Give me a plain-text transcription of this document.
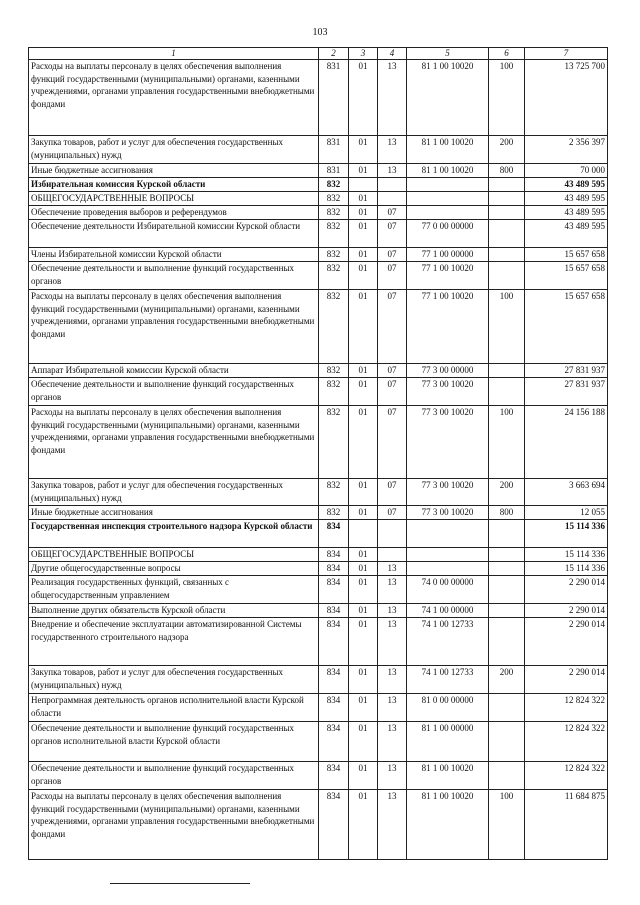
103
1	2	3	4	5	6	7
Расходы на выплаты персоналу в целях обеспечения выполнения функций государственными (муниципальными) органами, казенными учреждениями, органами управления государственными внебюджетными фондами	831	01	13	81 1 00 10020	100	13 725 700
Закупка товаров, работ и услуг для обеспечения государственных (муниципальных) нужд	831	01	13	81 1 00 10020	200	2 356 397
Иные бюджетные ассигнования	831	01	13	81 1 00 10020	800	70 000
Избирательная комиссия Курской области	832					43 489 595
ОБЩЕГОСУДАРСТВЕННЫЕ ВОПРОСЫ	832	01				43 489 595
Обеспечение проведения выборов и референдумов	832	01	07			43 489 595
Обеспечение деятельности Избирательной комиссии Курской области	832	01	07	77 0 00 00000		43 489 595
Члены Избирательной комиссии Курской области	832	01	07	77 1 00 00000		15 657 658
Обеспечение деятельности и выполнение функций государственных органов	832	01	07	77 1 00 10020		15 657 658
Расходы на выплаты персоналу в целях обеспечения выполнения функций государственными (муниципальными) органами, казенными учреждениями, органами управления государственными внебюджетными фондами	832	01	07	77 1 00 10020	100	15 657 658
Аппарат Избирательной комиссии Курской области	832	01	07	77 3 00 00000		27 831 937
Обеспечение деятельности и выполнение функций государственных органов	832	01	07	77 3 00 10020		27 831 937
Расходы на выплаты персоналу в целях обеспечения выполнения функций государственными (муниципальными) органами, казенными учреждениями, органами управления государственными внебюджетными фондами	832	01	07	77 3 00 10020	100	24 156 188
Закупка товаров, работ и услуг для обеспечения государственных (муниципальных) нужд	832	01	07	77 3 00 10020	200	3 663 694
Иные бюджетные ассигнования	832	01	07	77 3 00 10020	800	12 055
Государственная инспекция строительного надзора Курской области	834					15 114 336
ОБЩЕГОСУДАРСТВЕННЫЕ ВОПРОСЫ	834	01				15 114 336
Другие общегосударственные вопросы	834	01	13			15 114 336
Реализация государственных функций, связанных с общегосударственным управлением	834	01	13	74 0 00 00000		2 290 014
Выполнение других обязательств Курской области	834	01	13	74 1 00 00000		2 290 014
Внедрение и обеспечение эксплуатации автоматизированной Системы государственного строительного надзора	834	01	13	74 1 00 12733		2 290 014
Закупка товаров, работ и услуг для обеспечения государственных (муниципальных) нужд	834	01	13	74 1 00 12733	200	2 290 014
Непрограммная деятельность органов исполнительной власти Курской области	834	01	13	81 0 00 00000		12 824 322
Обеспечение деятельности и выполнение функций государственных органов исполнительной власти Курской области	834	01	13	81 1 00 00000		12 824 322
Обеспечение деятельности и выполнение функций государственных органов	834	01	13	81 1 00 10020		12 824 322
Расходы на выплаты персоналу в целях обеспечения выполнения функций государственными (муниципальными) органами, казенными учреждениями, органами управления государственными внебюджетными фондами	834	01	13	81 1 00 10020	100	11 684 875
